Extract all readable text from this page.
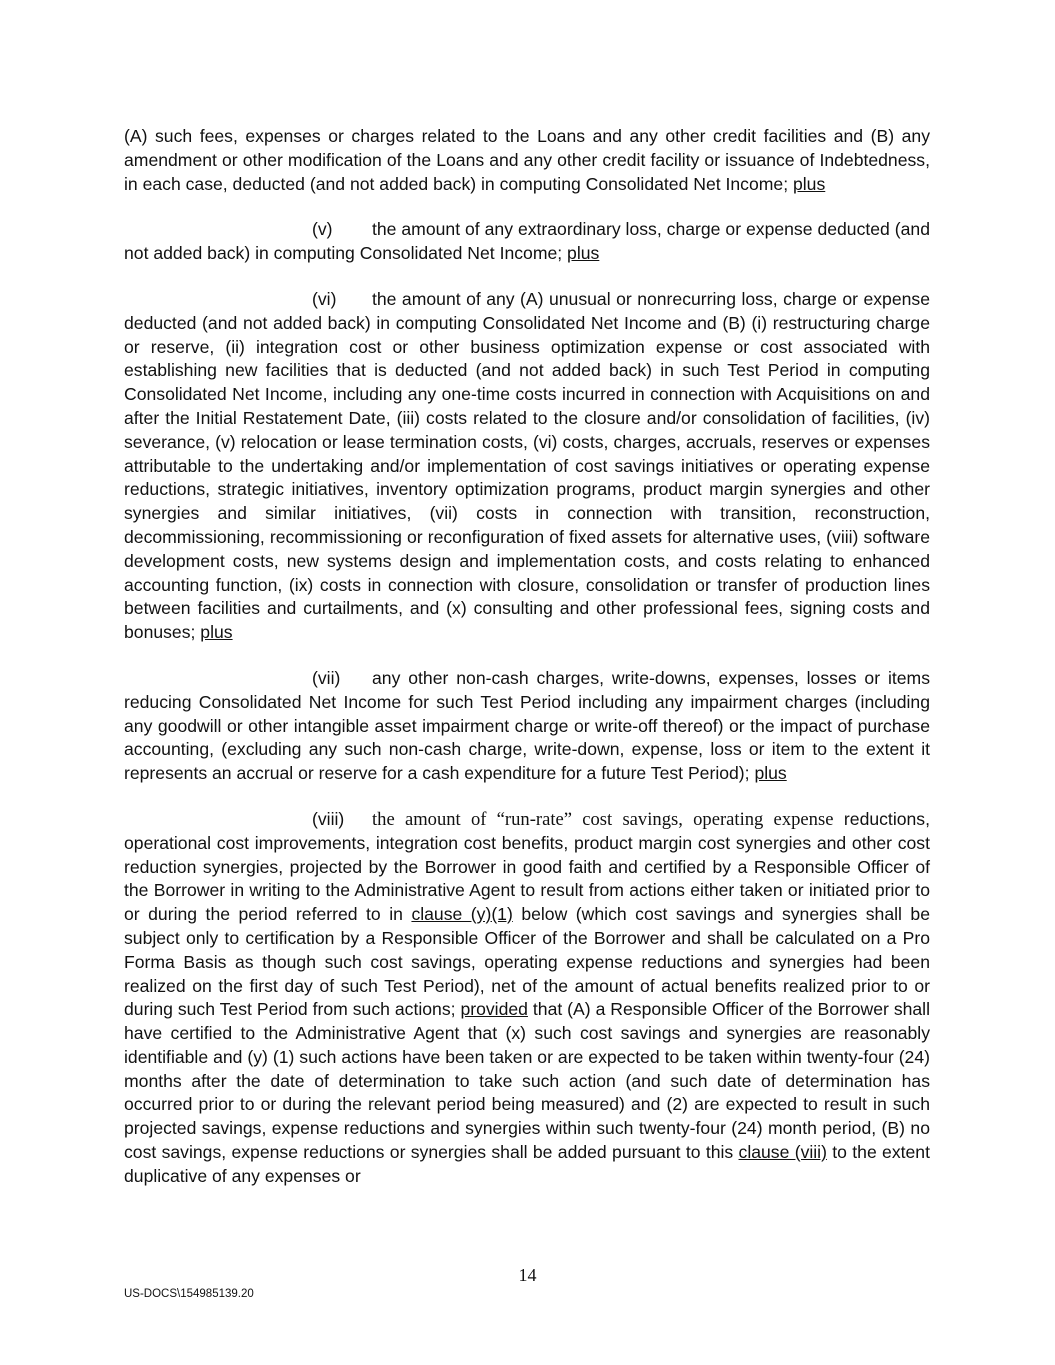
(A) such fees, expenses or charges related to the Loans and any other credit facilities and (B) any amendment or other modification of the Loans and any other credit facility or issuance of Indebtedness, in each case, deducted (and not added back) in computing Consolidated Net Income; plus

(v) the amount of any extraordinary loss, charge or expense deducted (and not added back) in computing Consolidated Net Income; plus

(vi) the amount of any (A) unusual or nonrecurring loss, charge or expense deducted (and not added back) in computing Consolidated Net Income and (B) (i) restructuring charge or reserve, (ii) integration cost or other business optimization expense or cost associated with establishing new facilities that is deducted (and not added back) in such Test Period in computing Consolidated Net Income, including any one-time costs incurred in connection with Acquisitions on and after the Initial Restatement Date, (iii) costs related to the closure and/or consolidation of facilities, (iv) severance, (v) relocation or lease termination costs, (vi) costs, charges, accruals, reserves or expenses attributable to the undertaking and/or implementation of cost savings initiatives or operating expense reductions, strategic initiatives, inventory optimization programs, product margin synergies and other synergies and similar initiatives, (vii) costs in connection with transition, reconstruction, decommissioning, recommissioning or reconfiguration of fixed assets for alternative uses, (viii) software development costs, new systems design and implementation costs, and costs relating to enhanced accounting function, (ix) costs in connection with closure, consolidation or transfer of production lines between facilities and curtailments, and (x) consulting and other professional fees, signing costs and bonuses; plus

(vii) any other non-cash charges, write-downs, expenses, losses or items reducing Consolidated Net Income for such Test Period including any impairment charges (including any goodwill or other intangible asset impairment charge or write-off thereof) or the impact of purchase accounting, (excluding any such non-cash charge, write-down, expense, loss or item to the extent it represents an accrual or reserve for a cash expenditure for a future Test Period); plus

(viii) the amount of “run-rate” cost savings, operating expense reductions, operational cost improvements, integration cost benefits, product margin cost synergies and other cost reduction synergies, projected by the Borrower in good faith and certified by a Responsible Officer of the Borrower in writing to the Administrative Agent to result from actions either taken or initiated prior to or during the period referred to in clause (y)(1) below (which cost savings and synergies shall be subject only to certification by a Responsible Officer of the Borrower and shall be calculated on a Pro Forma Basis as though such cost savings, operating expense reductions and synergies had been realized on the first day of such Test Period), net of the amount of actual benefits realized prior to or during such Test Period from such actions; provided that (A) a Responsible Officer of the Borrower shall have certified to the Administrative Agent that (x) such cost savings and synergies are reasonably identifiable and (y) (1) such actions have been taken or are expected to be taken within twenty-four (24) months after the date of determination to take such action (and such date of determination has occurred prior to or during the relevant period being measured) and (2) are expected to result in such projected savings, expense reductions and synergies within such twenty-four (24) month period, (B) no cost savings, expense reductions or synergies shall be added pursuant to this clause (viii) to the extent duplicative of any expenses or

14
US-DOCS\154985139.20
